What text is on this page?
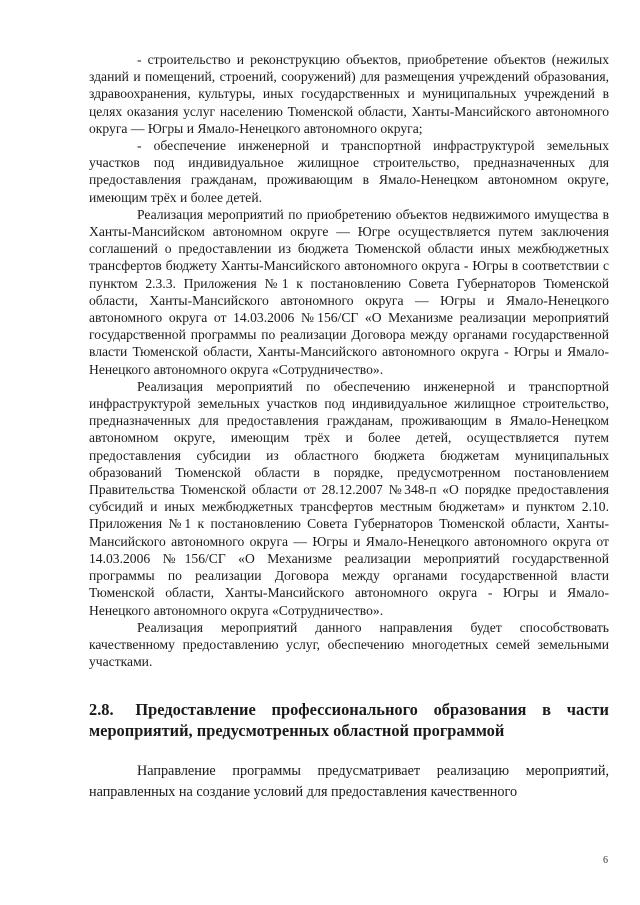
- строительство и реконструкцию объектов, приобретение объектов (нежилых зданий и помещений, строений, сооружений) для размещения учреждений образования, здравоохранения, культуры, иных государственных и муниципальных учреждений в целях оказания услуг населению Тюменской области, Ханты-Мансийского автономного округа — Югры и Ямало-Ненецкого автономного округа;

- обеспечение инженерной и транспортной инфраструктурой земельных участков под индивидуальное жилищное строительство, предназначенных для предоставления гражданам, проживающим в Ямало-Ненецком автономном округе, имеющим трёх и более детей.

Реализация мероприятий по приобретению объектов недвижимого имущества в Ханты-Мансийском автономном округе — Югре осуществляется путем заключения соглашений о предоставлении из бюджета Тюменской области иных межбюджетных трансфертов бюджету Ханты-Мансийского автономного округа - Югры в соответствии с пунктом 2.3.3. Приложения №1 к постановлению Совета Губернаторов Тюменской области, Ханты-Мансийского автономного округа — Югры и Ямало-Ненецкого автономного округа от 14.03.2006 №156/СГ «О Механизме реализации мероприятий государственной программы по реализации Договора между органами государственной власти Тюменской области, Ханты-Мансийского автономного округа - Югры и Ямало-Ненецкого автономного округа «Сотрудничество».

Реализация мероприятий по обеспечению инженерной и транспортной инфраструктурой земельных участков под индивидуальное жилищное строительство, предназначенных для предоставления гражданам, проживающим в Ямало-Ненецком автономном округе, имеющим трёх и более детей, осуществляется путем предоставления субсидии из областного бюджета бюджетам муниципальных образований Тюменской области в порядке, предусмотренном постановлением Правительства Тюменской области от 28.12.2007 №348-п «О порядке предоставления субсидий и иных межбюджетных трансфертов местным бюджетам» и пунктом 2.10. Приложения №1 к постановлению Совета Губернаторов Тюменской области, Ханты-Мансийского автономного округа — Югры и Ямало-Ненецкого автономного округа от 14.03.2006 №156/СГ «О Механизме реализации мероприятий государственной программы по реализации Договора между органами государственной власти Тюменской области, Ханты-Мансийского автономного округа - Югры и Ямало-Ненецкого автономного округа «Сотрудничество».

Реализация мероприятий данного направления будет способствовать качественному предоставлению услуг, обеспечению многодетных семей земельными участками.

2.8. Предоставление профессионального образования в части мероприятий, предусмотренных областной программой

Направление программы предусматривает реализацию мероприятий, направленных на создание условий для предоставления качественного

6
